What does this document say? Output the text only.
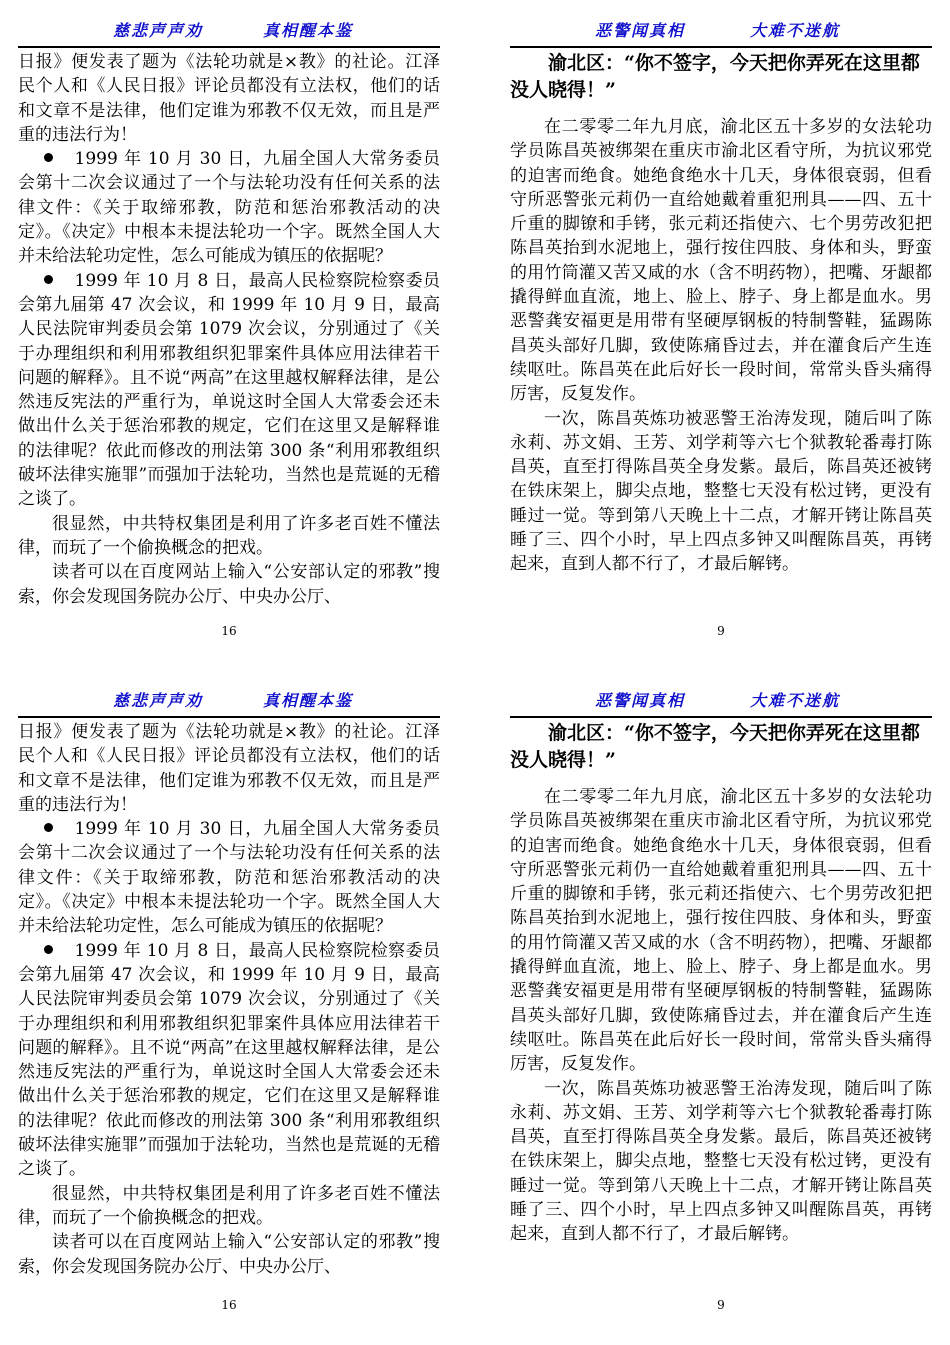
慈悲声声劝	真相醒本鉴

日报》便发表了题为《法轮功就是×教》的社论。江泽民个人和《人民日报》评论员都没有立法权，他们的话和文章不是法律，他们定谁为邪教不仅无效，而且是严重的违法行为！

1999 年 10 月 30 日，九届全国人大常务委员会第十二次会议通过了一个与法轮功没有任何关系的法律文件：《关于取缔邪教，防范和惩治邪教活动的决定》。《决定》中根本未提法轮功一个字。既然全国人大并未给法轮功定性，怎么可能成为镇压的依据呢？

1999 年 10 月 8 日，最高人民检察院检察委员会第九届第 47 次会议，和 1999 年 10 月 9 日，最高人民法院审判委员会第 1079 次会议，分别通过了《关于办理组织和利用邪教组织犯罪案件具体应用法律若干问题的解释》。且不说“两高”在这里越权解释法律，是公然违反宪法的严重行为，单说这时全国人大常委会还未做出什么关于惩治邪教的规定，它们在这里又是解释谁的法律呢？依此而修改的刑法第 300 条“利用邪教组织破坏法律实施罪”而强加于法轮功，当然也是荒诞的无稽之谈了。

很显然，中共特权集团是利用了许多老百姓不懂法律，而玩了一个偷换概念的把戏。

读者可以在百度网站上输入“公安部认定的邪教”搜索，你会发现国务院办公厅、中央办公厅、

16
恶警闻真相	大难不迷航

渝北区：“你不签字，今天把你弄死在这里都没人晓得！”

在二零零二年九月底，渝北区五十多岁的女法轮功学员陈昌英被绑架在重庆市渝北区看守所，为抗议邪党的迫害而绝食。她绝食绝水十几天，身体很衰弱，但看守所恶警张元莉仍一直给她戴着重犯刑具——四、五十斤重的脚镣和手铐，张元莉还指使六、七个男劳改犯把陈昌英抬到水泥地上，强行按住四肢、身体和头，野蛮的用竹筒灌又苦又咸的水（含不明药物），把嘴、牙龈都撬得鲜血直流，地上、脸上、脖子、身上都是血水。男恶警龚安福更是用带有坚硬厚钢板的特制警鞋，猛踢陈昌英头部好几脚，致使陈痛昏过去，并在灌食后产生连续呕吐。陈昌英在此后好长一段时间，常常头昏头痛得厉害，反复发作。

一次，陈昌英炼功被恶警王治涛发现，随后叫了陈永莉、苏文娟、王芳、刘学莉等六七个狱教轮番毒打陈昌英，直至打得陈昌英全身发紫。最后，陈昌英还被铐在铁床架上，脚尖点地，整整七天没有松过铐，更没有睡过一觉。等到第八天晚上十二点，才解开铐让陈昌英睡了三、四个小时，早上四点多钟又叫醒陈昌英，再铐起来，直到人都不行了，才最后解铐。

9
慈悲声声劝	真相醒本鉴

日报》便发表了题为《法轮功就是×教》的社论。江泽民个人和《人民日报》评论员都没有立法权，他们的话和文章不是法律，他们定谁为邪教不仅无效，而且是严重的违法行为！

1999 年 10 月 30 日，九届全国人大常务委员会第十二次会议通过了一个与法轮功没有任何关系的法律文件：《关于取缔邪教，防范和惩治邪教活动的决定》。《决定》中根本未提法轮功一个字。既然全国人大并未给法轮功定性，怎么可能成为镇压的依据呢？

1999 年 10 月 8 日，最高人民检察院检察委员会第九届第 47 次会议，和 1999 年 10 月 9 日，最高人民法院审判委员会第 1079 次会议，分别通过了《关于办理组织和利用邪教组织犯罪案件具体应用法律若干问题的解释》。且不说“两高”在这里越权解释法律，是公然违反宪法的严重行为，单说这时全国人大常委会还未做出什么关于惩治邪教的规定，它们在这里又是解释谁的法律呢？依此而修改的刑法第 300 条“利用邪教组织破坏法律实施罪”而强加于法轮功，当然也是荒诞的无稽之谈了。

很显然，中共特权集团是利用了许多老百姓不懂法律，而玩了一个偷换概念的把戏。

读者可以在百度网站上输入“公安部认定的邪教”搜索，你会发现国务院办公厅、中央办公厅、

16
恶警闻真相	大难不迷航

渝北区：“你不签字，今天把你弄死在这里都没人晓得！”

在二零零二年九月底，渝北区五十多岁的女法轮功学员陈昌英被绑架在重庆市渝北区看守所，为抗议邪党的迫害而绝食。她绝食绝水十几天，身体很衰弱，但看守所恶警张元莉仍一直给她戴着重犯刑具——四、五十斤重的脚镣和手铐，张元莉还指使六、七个男劳改犯把陈昌英抬到水泥地上，强行按住四肢、身体和头，野蛮的用竹筒灌又苦又咸的水（含不明药物），把嘴、牙龈都撬得鲜血直流，地上、脸上、脖子、身上都是血水。男恶警龚安福更是用带有坚硬厚钢板的特制警鞋，猛踢陈昌英头部好几脚，致使陈痛昏过去，并在灌食后产生连续呕吐。陈昌英在此后好长一段时间，常常头昏头痛得厉害，反复发作。

一次，陈昌英炼功被恶警王治涛发现，随后叫了陈永莉、苏文娟、王芳、刘学莉等六七个狱教轮番毒打陈昌英，直至打得陈昌英全身发紫。最后，陈昌英还被铐在铁床架上，脚尖点地，整整七天没有松过铐，更没有睡过一觉。等到第八天晚上十二点，才解开铐让陈昌英睡了三、四个小时，早上四点多钟又叫醒陈昌英，再铐起来，直到人都不行了，才最后解铐。

9
